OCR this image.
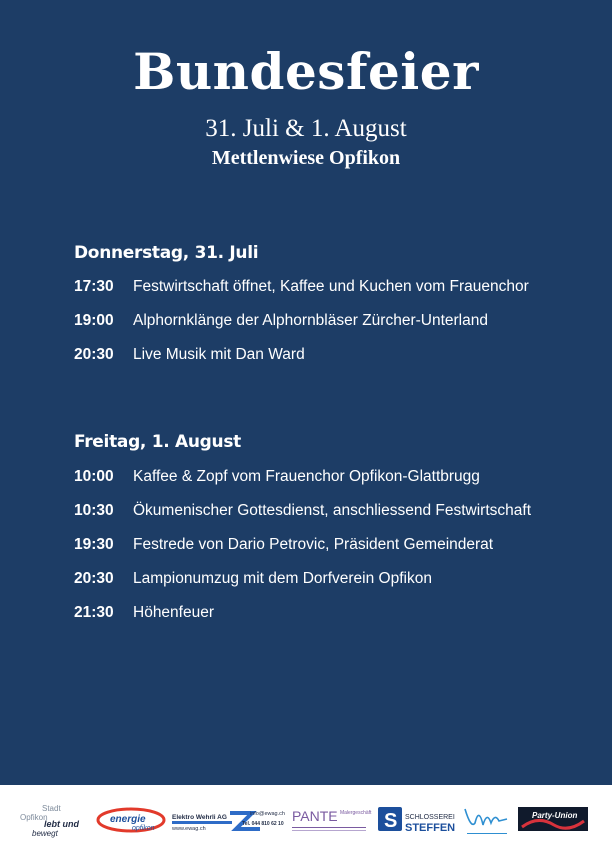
Bundesfeier
31. Juli & 1. August
Mettlenwiese Opfikon
Donnerstag, 31. Juli
17:30	Festwirtschaft öffnet, Kaffee und Kuchen vom Frauenchor
19:00	Alphornklänge der Alphornbläser Zürcher-Unterland
20:30	Live Musik mit Dan Ward
Freitag, 1. August
10:00	Kaffee & Zopf vom Frauenchor Opfikon-Glattbrugg
10:30	Ökumenischer Gottesdienst, anschliessend Festwirtschaft
19:30	Festrede von Dario Petrovic, Präsident Gemeinderat
20:30	Lampionumzug mit dem Dorfverein Opfikon
21:30	Höhenfeuer
Stadt
Opfikon
lebt und
bewegt
energie
opfikon
Elektro Wehrli AG
www.ewag.ch
info@ewag.ch
Tel. 044 810 62 10 PANTE Malergeschäft S SCHLOSSEREI
STEFFEN
Party-Union
